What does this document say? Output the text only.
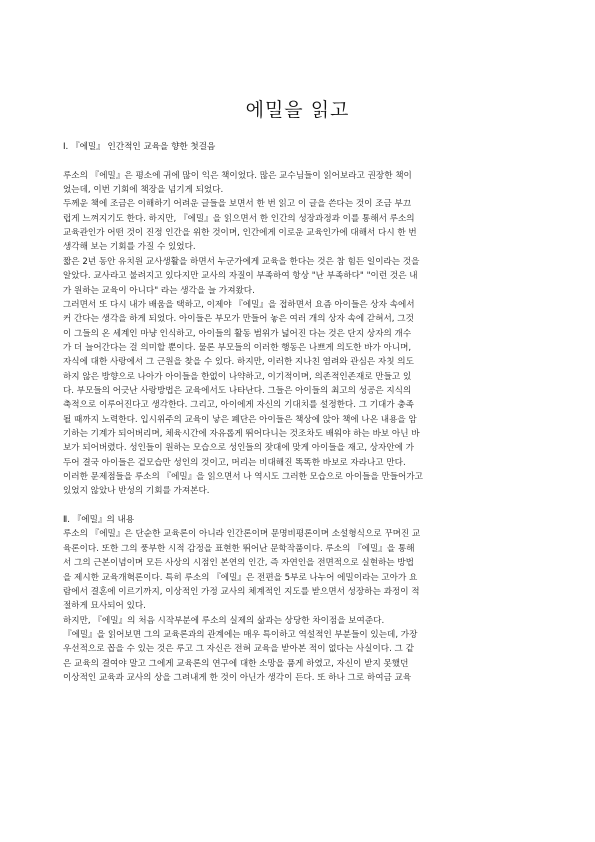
에밀을 읽고
Ⅰ. 『에밀』 인간적인 교육을 향한 첫걸음
루소의 『에밀』은 평소에 귀에 많이 익은 책이었다. 많은 교수님들이 읽어보라고 권장한 책이
었는데, 이번 기회에 책장을 넘기게 되었다.
두께운 책에 조금은 이해하기 어려운 글들을 보면서 한 번 읽고 이 글을 쓴다는 것이 조금 부끄
럽게 느껴지기도 한다. 하지만, 『에밀』을 읽으면서 한 인간의 성장과정과 이를 통해서 루소의
교육관인가 어떤 것이 진정 인간을 위한 것이며, 인간에게 이로운 교육인가에 대해서 다시 한 번
생각해 보는 기회를 가질 수 있었다.
짧은 2년 동안 유치원 교사생활을 하면서 누군가에게 교육을 한다는 것은 참 힘든 일이라는 것을
알았다. 교사라고 불려지고 있다지만 교사의 자질이 부족하여 항상 "난 부족하다" "이런 것은 내
가 원하는 교육이 아니다" 라는 생각을 늘 가져왔다.
그러면서 또 다시 내가 배움을 택하고, 이제야 『에밀』을 접하면서 요즘 아이들은 상자 속에서
커 간다는 생각을 하게 되었다. 아이들은 부모가 만들어 놓은 여러 개의 상자 속에 갇혀서, 그것
이 그들의 온 세계인 마냥 인식하고, 아이들의 활동 범위가 넓어진 다는 것은 단지 상자의 개수
가 더 늘어간다는 걸 의미할 뿐이다. 물론 부모들의 이러한 행동은 나쁘게 의도한 바가 아니며,
자식에 대한 사랑에서 그 근원을 찾을 수 있다. 하지만, 이러한 지나친 염려와 관심은 자칫 의도
하지 않은 방향으로 나아가 아이들을 한없이 나약하고, 이기적이며, 의존적인존재로 만들고 있
다. 부모들의 어긋난 사랑방법은 교육에서도 나타난다. 그들은 아이들의 최고의 성공은 지식의
축적으로 이루어진다고 생각한다. 그리고, 아이에게 자신의 기대치를 설정한다. 그 기대가 충족
될 때까지 노력한다. 입시위주의 교육이 낳은 폐단은 아이들은 책상에 앉아 책에 나온 내용을 암
기하는 기계가 되어버리며, 체육시간에 자유롭게 뛰어다니는 것조차도 배워야 하는 바보 아닌 바
보가 되어버렸다. 성인들이 원하는 모습으로 성인들의 잣대에 맞게 아이들을 재고, 상자안에 가
두어 결국 아이들은 겉모습만 성인의 것이고, 머리는 비대해진 똑똑한 바보로 자라나고 만다.
이러한 문제점들을 루소의 『에밀』을 읽으면서 나 역시도 그러한 모습으로 아이들을 만들어가고
있었지 않았나 반성의 기회를 가져본다.
Ⅱ. 『에밀』의 내용
루소의 『에밀』은 단순한 교육론이 아니라 인간론이며 문명비평론이며 소설형식으로 꾸며진 교
육론이다. 또한 그의 풍부한 시적 감정을 표현한 뛰어난 문학작품이다. 루소의 『에밀』을 통해
서 그의 근본이념이며 모든 사상의 시점인 본연의 인간, 즉 자연인을 전면적으로 실현하는 방법
을 제시한 교육개혁론이다. 특히 루소의 『에밀』은 전편을 5부로 나누어 에밀이라는 고아가 요
람에서 결혼에 이르기까지, 이상적인 가정 교사의 체계적인 지도를 받으면서 성장하는 과정이 적
절하게 묘사되어 있다.
하지만, 『에밀』의 처음 시작부분에 루소의 실제의 삶과는 상당한 차이점을 보여준다.
『에밀』을 읽어보면 그의 교육론과의 관계에는 매우 특이하고 역설적인 부분들이 있는데, 가장
우선적으로 꼽을 수 있는 것은 루고 그 자신은 전혀 교육을 받아본 적이 없다는 사실이다. 그 같
은 교육의 결여야 말고 그에게 교육론의 연구에 대한 소망을 품게 하였고, 자신이 받지 못했던
이상적인 교육과 교사의 상을 그려내게 한 것이 아닌가 생각이 든다. 또 하나 그로 하여금 교육
